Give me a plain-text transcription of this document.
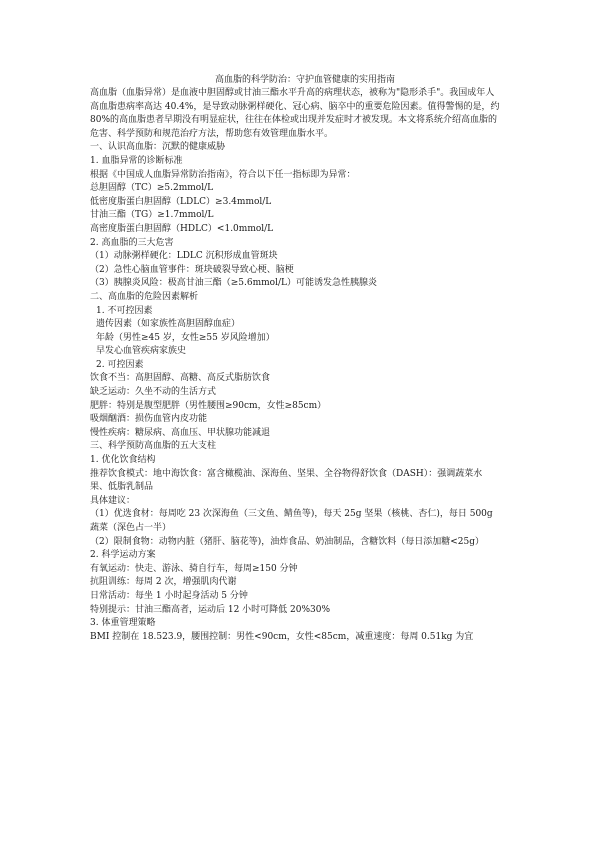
高血脂的科学防治：守护血管健康的实用指南

高血脂（血脂异常）是血液中胆固醇或甘油三酯水平升高的病理状态，被称为"隐形杀手"。我国成年人高血脂患病率高达 40.4%，是导致动脉粥样硬化、冠心病、脑卒中的重要危险因素。值得警惕的是，约 80%的高血脂患者早期没有明显症状，往往在体检或出现并发症时才被发现。本文将系统介绍高血脂的危害、科学预防和规范治疗方法，帮助您有效管理血脂水平。

一、认识高血脂：沉默的健康威胁

1. 血脂异常的诊断标准

根据《中国成人血脂异常防治指南》，符合以下任一指标即为异常：

总胆固醇（TC）≥5.2mmol/L

低密度脂蛋白胆固醇（LDLC）≥3.4mmol/L

甘油三酯（TG）≥1.7mmol/L

高密度脂蛋白胆固醇（HDLC）<1.0mmol/L

2. 高血脂的三大危害

（1）动脉粥样硬化：LDLC 沉积形成血管斑块

（2）急性心脑血管事件：斑块破裂导致心梗、脑梗

（3）胰腺炎风险：极高甘油三酯（≥5.6mmol/L）可能诱发急性胰腺炎

二、高血脂的危险因素解析

1. 不可控因素

遗传因素（如家族性高胆固醇血症）

年龄（男性≥45 岁，女性≥55 岁风险增加）

早发心血管疾病家族史

2. 可控因素

饮食不当：高胆固醇、高糖、高反式脂肪饮食

缺乏运动：久坐不动的生活方式

肥胖：特别是腹型肥胖（男性腰围≥90cm，女性≥85cm）

吸烟酗酒：损伤血管内皮功能

慢性疾病：糖尿病、高血压、甲状腺功能减退

三、科学预防高血脂的五大支柱

1. 优化饮食结构

推荐饮食模式：地中海饮食：富含橄榄油、深海鱼、坚果、全谷物得舒饮食（DASH）：强调蔬菜水果、低脂乳制品

具体建议：

（1）优选食材：每周吃 23 次深海鱼（三文鱼、鲭鱼等)，每天 25g 坚果（核桃、杏仁)，每日 500g 蔬菜（深色占一半）

（2）限制食物：动物内脏（猪肝、脑花等)，油炸食品、奶油制品，含糖饮料（每日添加糖<25g）

2. 科学运动方案

有氧运动：快走、游泳、骑自行车，每周≥150 分钟

抗阻训练：每周 2 次，增强肌肉代谢

日常活动：每坐 1 小时起身活动 5 分钟

特别提示：甘油三酯高者，运动后 12 小时可降低 20%30%

3. 体重管理策略

BMI 控制在 18.523.9，腰围控制：男性<90cm，女性<85cm，减重速度：每周 0.51kg 为宜
